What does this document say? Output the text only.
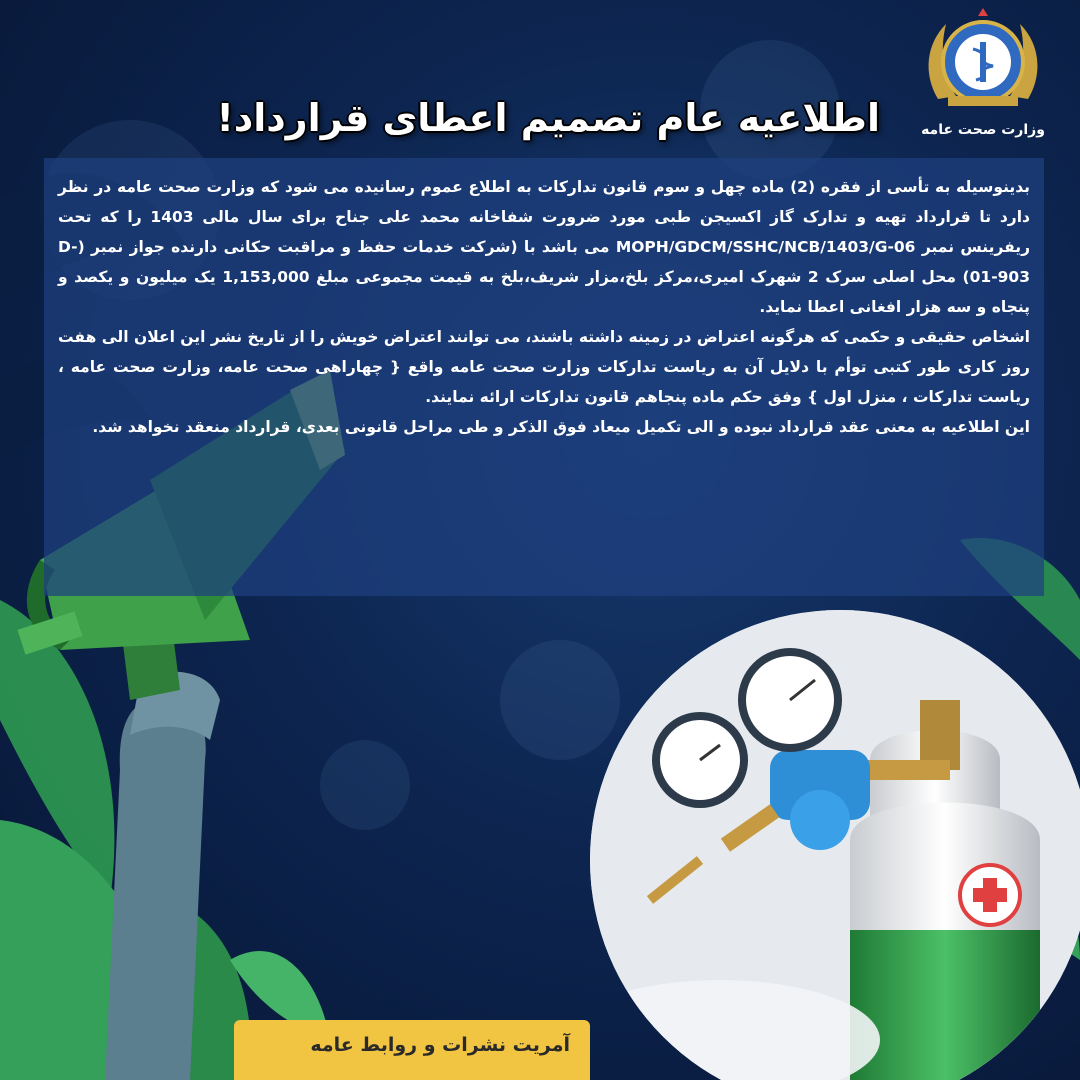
وزارت صحت عامه
اطلاعیه عام تصمیم اعطای قرارداد!

بدینوسیله به تأسی از فقره (2) ماده چهل و سوم قانون تدارکات به اطلاع عموم رسانیده می شود که وزارت صحت عامه در نظر دارد تا قرارداد تهیه و تدارک گاز اکسیجن طبی مورد ضرورت شفاخانه محمد علی جناح برای سال مالی 1403 را که تحت ریفرینس نمبر MOPH/GDCM/SSHC/NCB/1403/G-06 می باشد با (شرکت خدمات حفظ و مراقبت حکانی دارنده جواز نمبر (D-01-903) محل اصلی سرک 2 شهرک امیری،مرکز بلخ،مزار شریف،بلخ به قیمت مجموعی مبلغ 1,153,000 یک میلیون و یکصد و پنجاه و سه هزار افغانی اعطا نماید.

اشخاص حقیقی و حکمی که هرگونه اعتراض در زمینه داشته باشند، می توانند اعتراض خویش را از تاریخ نشر این اعلان الی هفت روز کاری طور کتبی توأم با دلایل آن به ریاست تدارکات وزارت صحت عامه واقع { چهاراهی صحت عامه، وزارت صحت عامه ، ریاست تدارکات ، منزل اول } وفق حکم ماده پنجاهم قانون تدارکات ارائه نمایند.

این اطلاعیه به معنی عقد قرارداد نبوده و الی تکمیل میعاد فوق الذکر و طی مراحل قانونی بعدی، قرارداد منعقد نخواهد شد.

آمریت نشرات و روابط عامه
